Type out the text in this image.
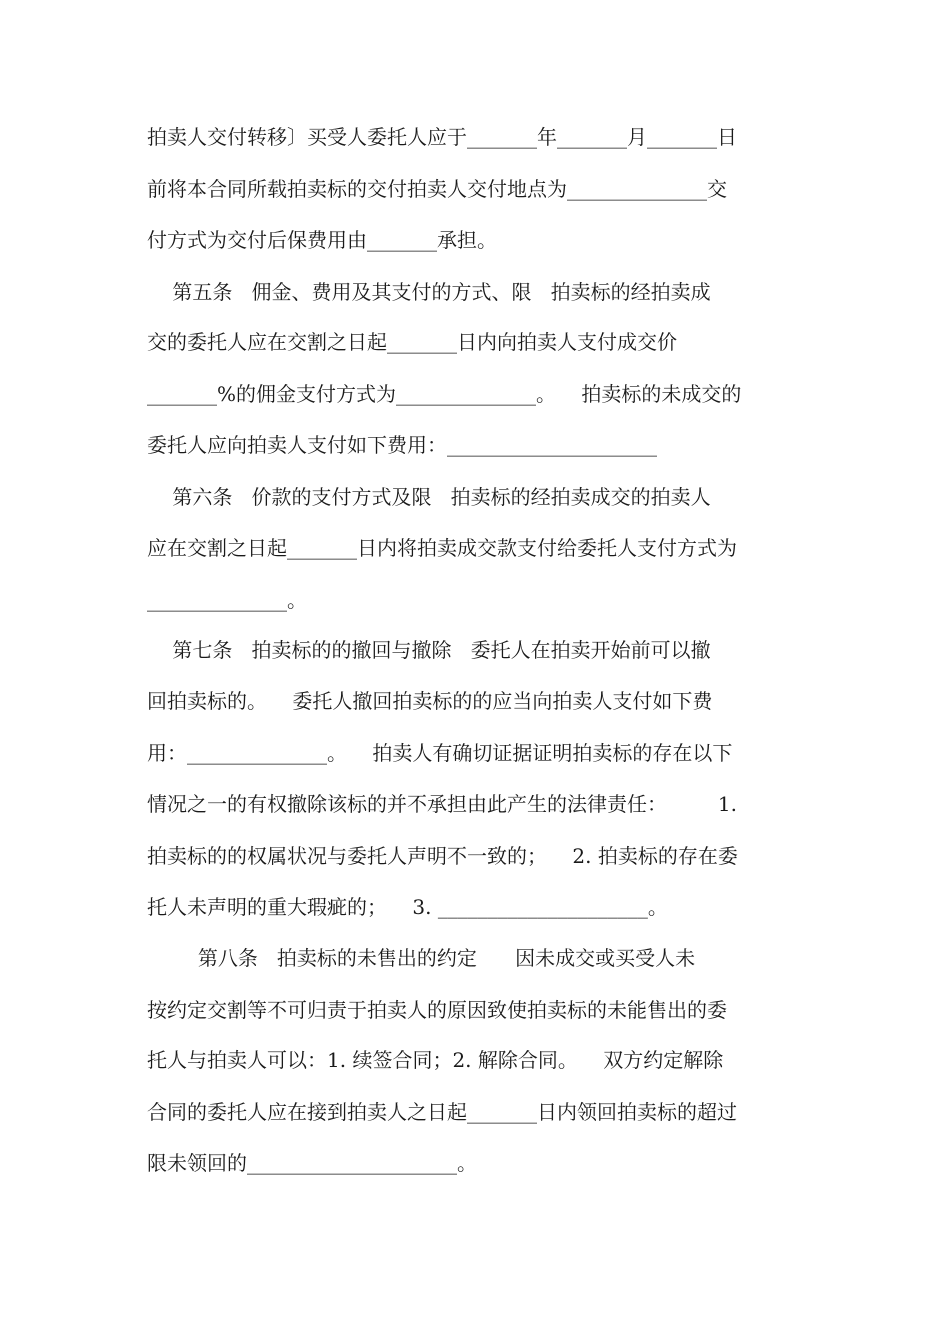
拍卖人交付转移〕买受人委托人应于_______年_______月_______日
前将本合同所载拍卖标的交付拍卖人交付地点为______________交
付方式为交付后保费用由_______承担。
第五条   佣金、费用及其支付的方式、限   拍卖标的经拍卖成
交的委托人应在交割之日起_______日内向拍卖人支付成交价
_______%的佣金支付方式为______________。    拍卖标的未成交的
委托人应向拍卖人支付如下费用：_____________________
第六条   价款的支付方式及限   拍卖标的经拍卖成交的拍卖人
应在交割之日起_______日内将拍卖成交款支付给委托人支付方式为
______________。
第七条   拍卖标的的撤回与撤除   委托人在拍卖开始前可以撤
回拍卖标的。    委托人撤回拍卖标的的应当向拍卖人支付如下费
用：______________。    拍卖人有确切证据证明拍卖标的存在以下
情况之一的有权撤除该标的并不承担由此产生的法律责任：        1.
拍卖标的的权属状况与委托人声明不一致的；    2. 拍卖标的存在委
托人未声明的重大瑕疵的；    3. _____________________。
第八条   拍卖标的未售出的约定      因未成交或买受人未
按约定交割等不可归责于拍卖人的原因致使拍卖标的未能售出的委
托人与拍卖人可以：1. 续签合同；2. 解除合同。    双方约定解除
合同的委托人应在接到拍卖人之日起_______日内领回拍卖标的超过
限未领回的_____________________。
